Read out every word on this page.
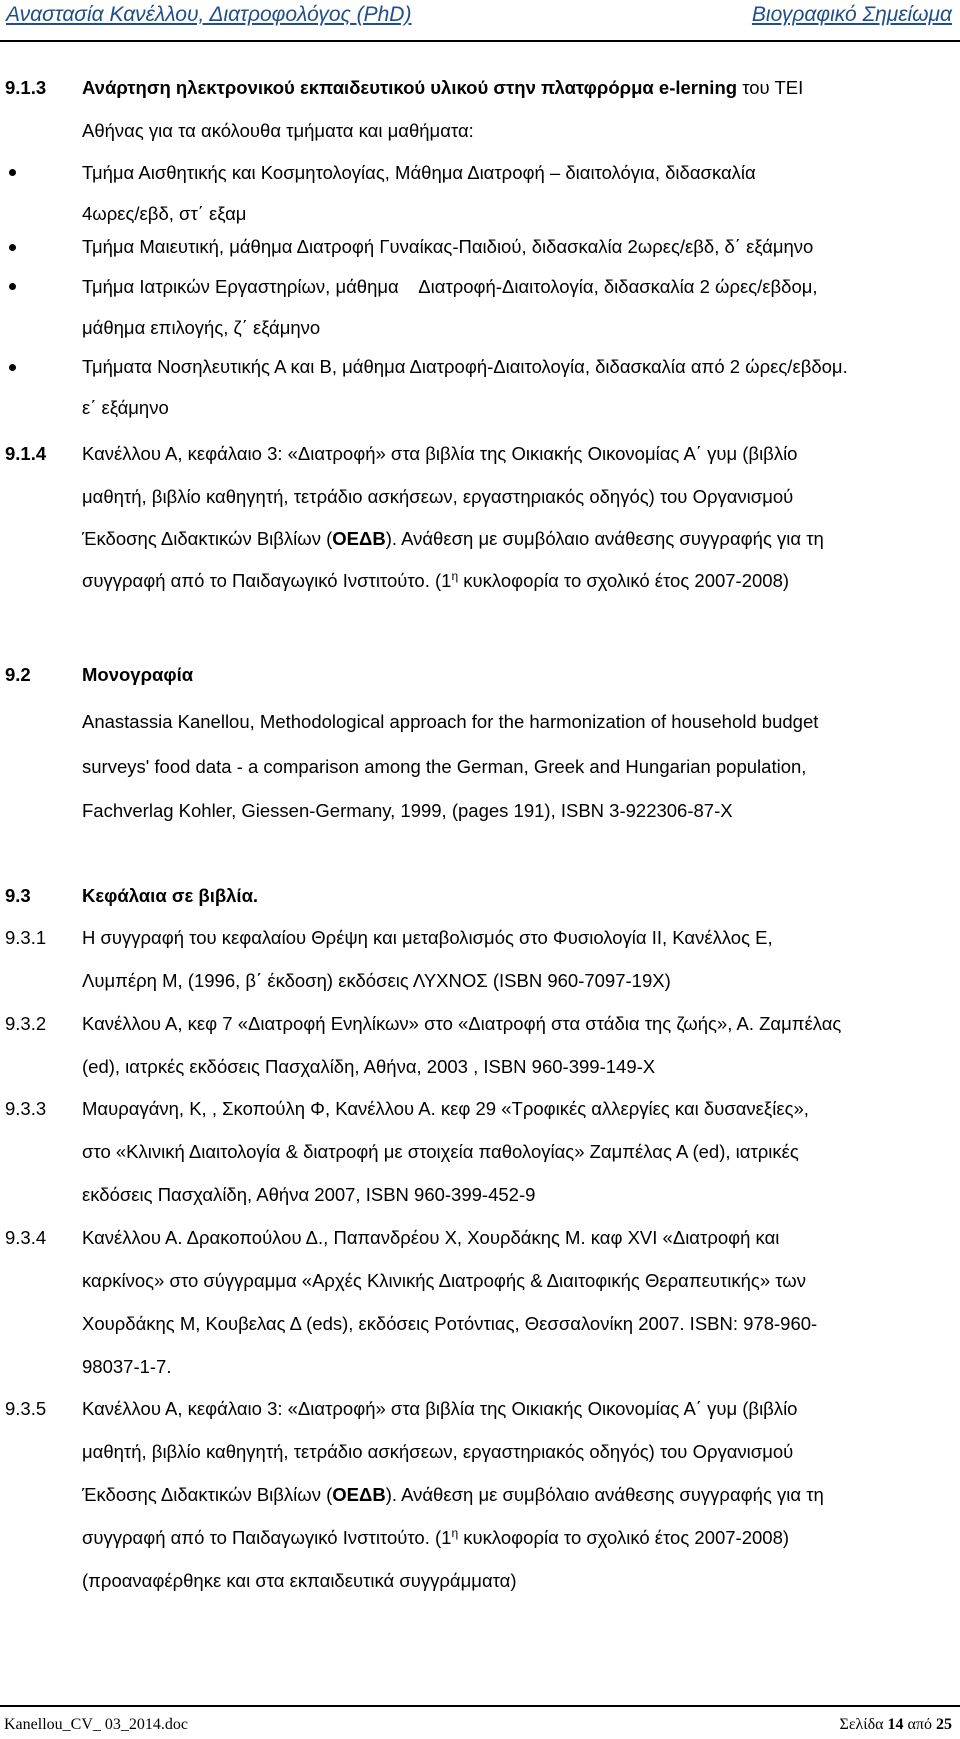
Αναστασία Κανέλλου, Διατροφολόγος (PhD)	Βιογραφικό Σημείωμα
9.1.3 Ανάρτηση ηλεκτρονικού εκπαιδευτικού υλικού στην πλατφρόρμα e-lerning του ΤΕΙ
Αθήνας για τα ακόλουθα τμήματα και μαθήματα:
Τμήμα Αισθητικής και Κοσμητολογίας, Μάθημα Διατροφή – διαιτολόγια, διδασκαλία
4ωρες/εβδ, στ΄ εξαμ
Τμήμα Μαιευτική, μάθημα Διατροφή Γυναίκας-Παιδιού, διδασκαλία 2ωρες/εβδ, δ΄ εξάμηνο
Τμήμα Ιατρικών Εργαστηρίων, μάθημα    Διατροφή-Διαιτολογία, διδασκαλία 2 ώρες/εβδομ,
μάθημα επιλογής, ζ΄ εξάμηνο
Τμήματα Νοσηλευτικής Α και Β, μάθημα Διατροφή-Διαιτολογία, διδασκαλία από 2 ώρες/εβδομ.
ε΄ εξάμηνο
9.1.4 Κανέλλου Α, κεφάλαιο 3: «Διατροφή» στα βιβλία της Οικιακής Οικονομίας Α΄ γυμ (βιβλίο
μαθητή, βιβλίο καθηγητή, τετράδιο ασκήσεων, εργαστηριακός οδηγός) του Οργανισμού
Έκδοσης Διδακτικών Βιβλίων (ΟΕΔΒ). Ανάθεση με συμβόλαιο ανάθεσης συγγραφής για τη
συγγραφή από το Παιδαγωγικό Ινστιτούτο. ($1^\eta$ κυκλοφορία το σχολικό έτος 2007-2008)
9.2	Μονογραφία
Anastassia Kanellou, Methodological approach for the harmonization of household budget
surveys' food data - a comparison among the German, Greek and Hungarian population,
Fachverlag Kohler, Giessen-Germany, 1999, (pages 191), ISBN 3-922306-87-X
9.3	Κεφάλαια σε βιβλία.
9.3.1 Η συγγραφή του κεφαλαίου Θρέψη και μεταβολισμός στο Φυσιολογία ΙΙ, Κανέλλος Ε,
Λυμπέρη Μ, (1996, β΄ έκδοση) εκδόσεις ΛΥΧΝΟΣ (ISBN 960-7097-19Χ)
9.3.2 Κανέλλου Α, κεφ 7 «Διατροφή Ενηλίκων» στο «Διατροφή στα στάδια της ζωής», Α. Ζαμπέλας
(ed), ιατρκές εκδόσεις Πασχαλίδη, Αθήνα, 2003 , ISBN 960-399-149-X
9.3.3 Μαυραγάνη, Κ, , Σκοπούλη Φ, Κανέλλου Α. κεφ 29 «Τροφικές αλλεργίες και δυσανεξίες»,
στο «Κλινική Διαιτολογία & διατροφή με στοιχεία παθολογίας» Ζαμπέλας Α (ed), ιατρικές
εκδόσεις Πασχαλίδη, Αθήνα 2007, ISBN 960-399-452-9
9.3.4 Κανέλλου Α. Δρακοπούλου Δ., Παπανδρέου Χ, Χουρδάκης Μ. καφ XVI «Διατροφή και
καρκίνος» στο σύγγραμμα «Αρχές Κλινικής Διατροφής & Διαιτοφικής Θεραπευτικής» των
Χουρδάκης Μ, Κουβελας Δ (eds), εκδόσεις Ροτόντιας, Θεσσαλονίκη 2007. ISBN: 978-960-
98037-1-7.
9.3.5 Κανέλλου Α, κεφάλαιο 3: «Διατροφή» στα βιβλία της Οικιακής Οικονομίας Α΄ γυμ (βιβλίο
μαθητή, βιβλίο καθηγητή, τετράδιο ασκήσεων, εργαστηριακός οδηγός) του Οργανισμού
Έκδοσης Διδακτικών Βιβλίων (ΟΕΔΒ). Ανάθεση με συμβόλαιο ανάθεσης συγγραφής για τη
συγγραφή από το Παιδαγωγικό Ινστιτούτο. ($1^\eta$ κυκλοφορία το σχολικό έτος 2007-2008)
(προαναφέρθηκε και στα εκπαιδευτικά συγγράμματα)
Kanellou_CV_ 03_2014.doc	Σελίδα 14 από 25
